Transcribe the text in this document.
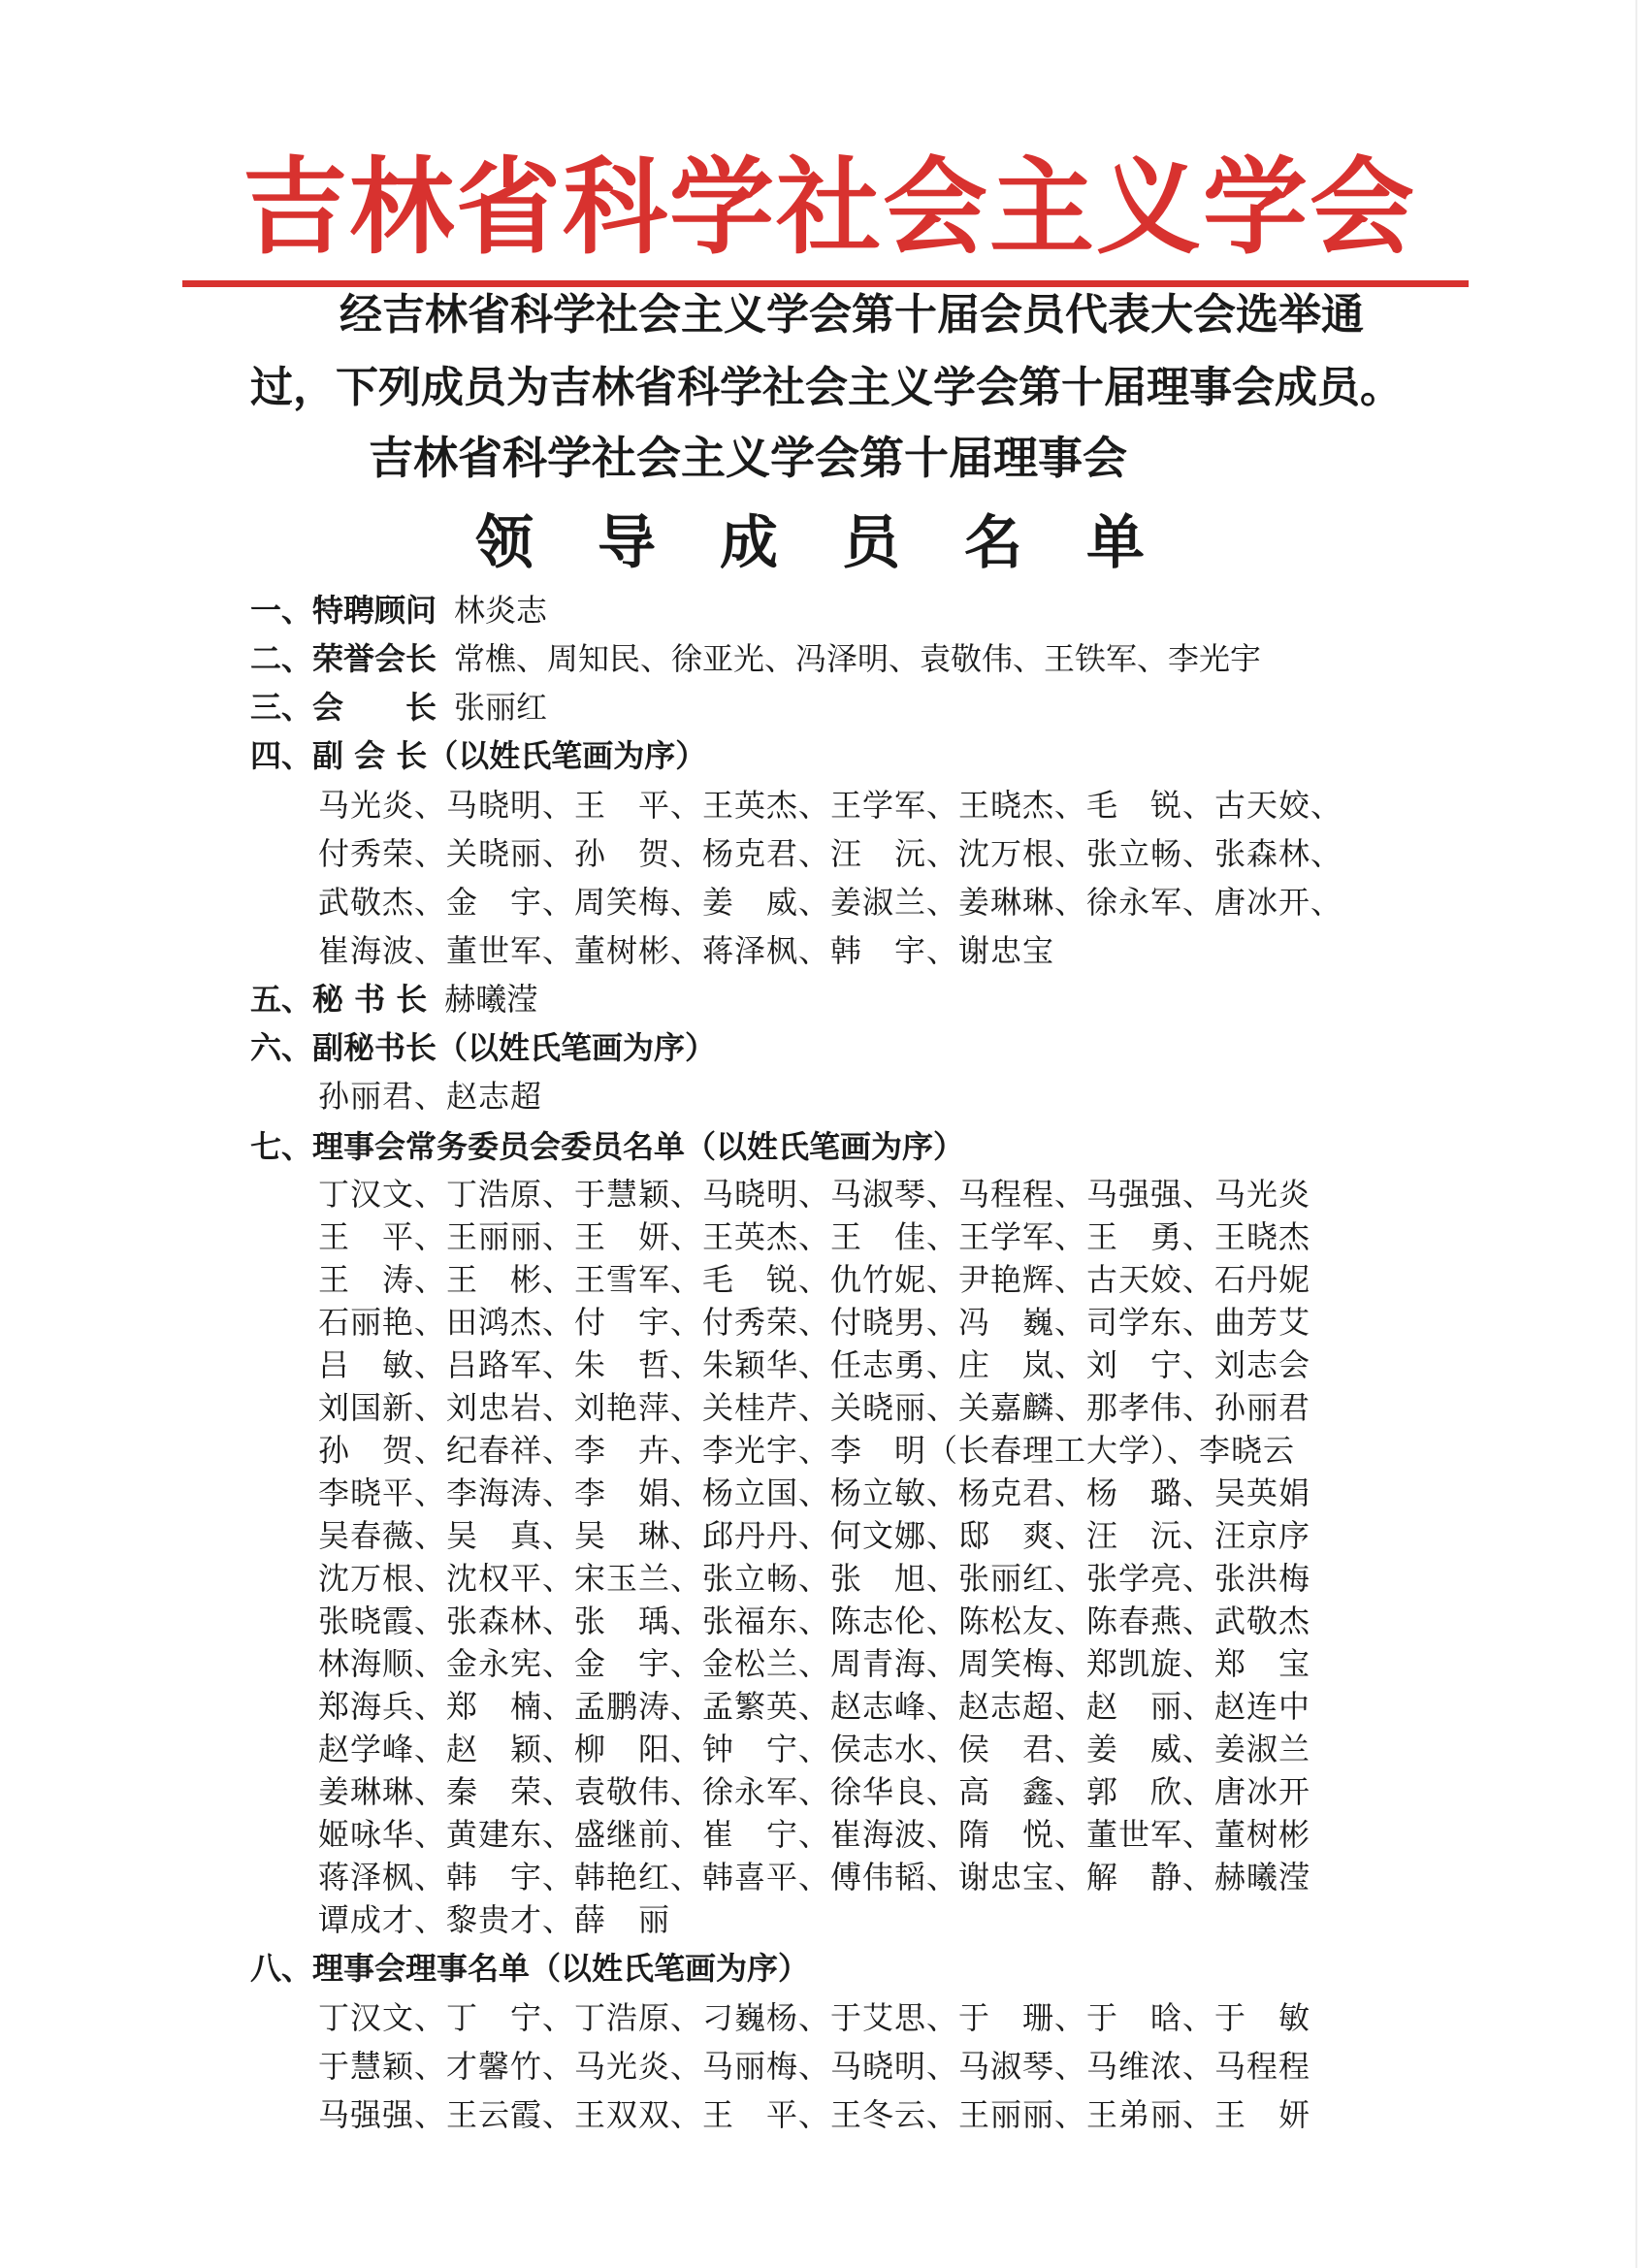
吉林省科学社会主义学会
经吉林省科学社会主义学会第十届会员代表大会选举通
过，下列成员为吉林省科学社会主义学会第十届理事会成员。
吉林省科学社会主义学会第十届理事会
领导成员名单
一、特聘顾问 林炎志
二、荣誉会长 常樵、周知民、徐亚光、冯泽明、袁敬伟、王铁军、李光宇
三、会　　长 张丽红
四、副 会 长（以姓氏笔画为序）
马光炎、马晓明、王　平、王英杰、王学军、王晓杰、毛　锐、古天姣、
付秀荣、关晓丽、孙　贺、杨克君、汪　沅、沈万根、张立畅、张森林、
武敬杰、金　宇、周笑梅、姜　威、姜淑兰、姜琳琳、徐永军、唐冰开、
崔海波、董世军、董树彬、蒋泽枫、韩　宇、谢忠宝
五、秘 书 长 赫曦滢
六、副秘书长（以姓氏笔画为序）
孙丽君、赵志超
七、理事会常务委员会委员名单（以姓氏笔画为序）
丁汉文、丁浩原、于慧颖、马晓明、马淑琴、马程程、马强强、马光炎
王　平、王丽丽、王　妍、王英杰、王　佳、王学军、王　勇、王晓杰
王　涛、王　彬、王雪军、毛　锐、仇竹妮、尹艳辉、古天姣、石丹妮
石丽艳、田鸿杰、付　宇、付秀荣、付晓男、冯　巍、司学东、曲芳艾
吕　敏、吕路军、朱　哲、朱颖华、任志勇、庄　岚、刘　宁、刘志会
刘国新、刘忠岩、刘艳萍、关桂芹、关晓丽、关嘉麟、那孝伟、孙丽君
孙　贺、纪春祥、李　卉、李光宇、李　明（长春理工大学）、李晓云
李晓平、李海涛、李　娟、杨立国、杨立敏、杨克君、杨　璐、吴英娟
吴春薇、吴　真、吴　琳、邱丹丹、何文娜、邸　爽、汪　沅、汪京序
沈万根、沈权平、宋玉兰、张立畅、张　旭、张丽红、张学亮、张洪梅
张晓霞、张森林、张　瑀、张福东、陈志伦、陈松友、陈春燕、武敬杰
林海顺、金永宪、金　宇、金松兰、周青海、周笑梅、郑凯旋、郑　宝
郑海兵、郑　楠、孟鹏涛、孟繁英、赵志峰、赵志超、赵　丽、赵连中
赵学峰、赵　颖、柳　阳、钟　宁、侯志水、侯　君、姜　威、姜淑兰
姜琳琳、秦　荣、袁敬伟、徐永军、徐华良、高　鑫、郭　欣、唐冰开
姬咏华、黄建东、盛继前、崔　宁、崔海波、隋　悦、董世军、董树彬
蒋泽枫、韩　宇、韩艳红、韩喜平、傅伟韬、谢忠宝、解　静、赫曦滢
谭成才、黎贵才、薛　丽
八、理事会理事名单（以姓氏笔画为序）
丁汉文、丁　宁、丁浩原、刁巍杨、于艾思、于　珊、于　晗、于　敏
于慧颖、才馨竹、马光炎、马丽梅、马晓明、马淑琴、马维浓、马程程
马强强、王云霞、王双双、王　平、王冬云、王丽丽、王弟丽、王　妍
